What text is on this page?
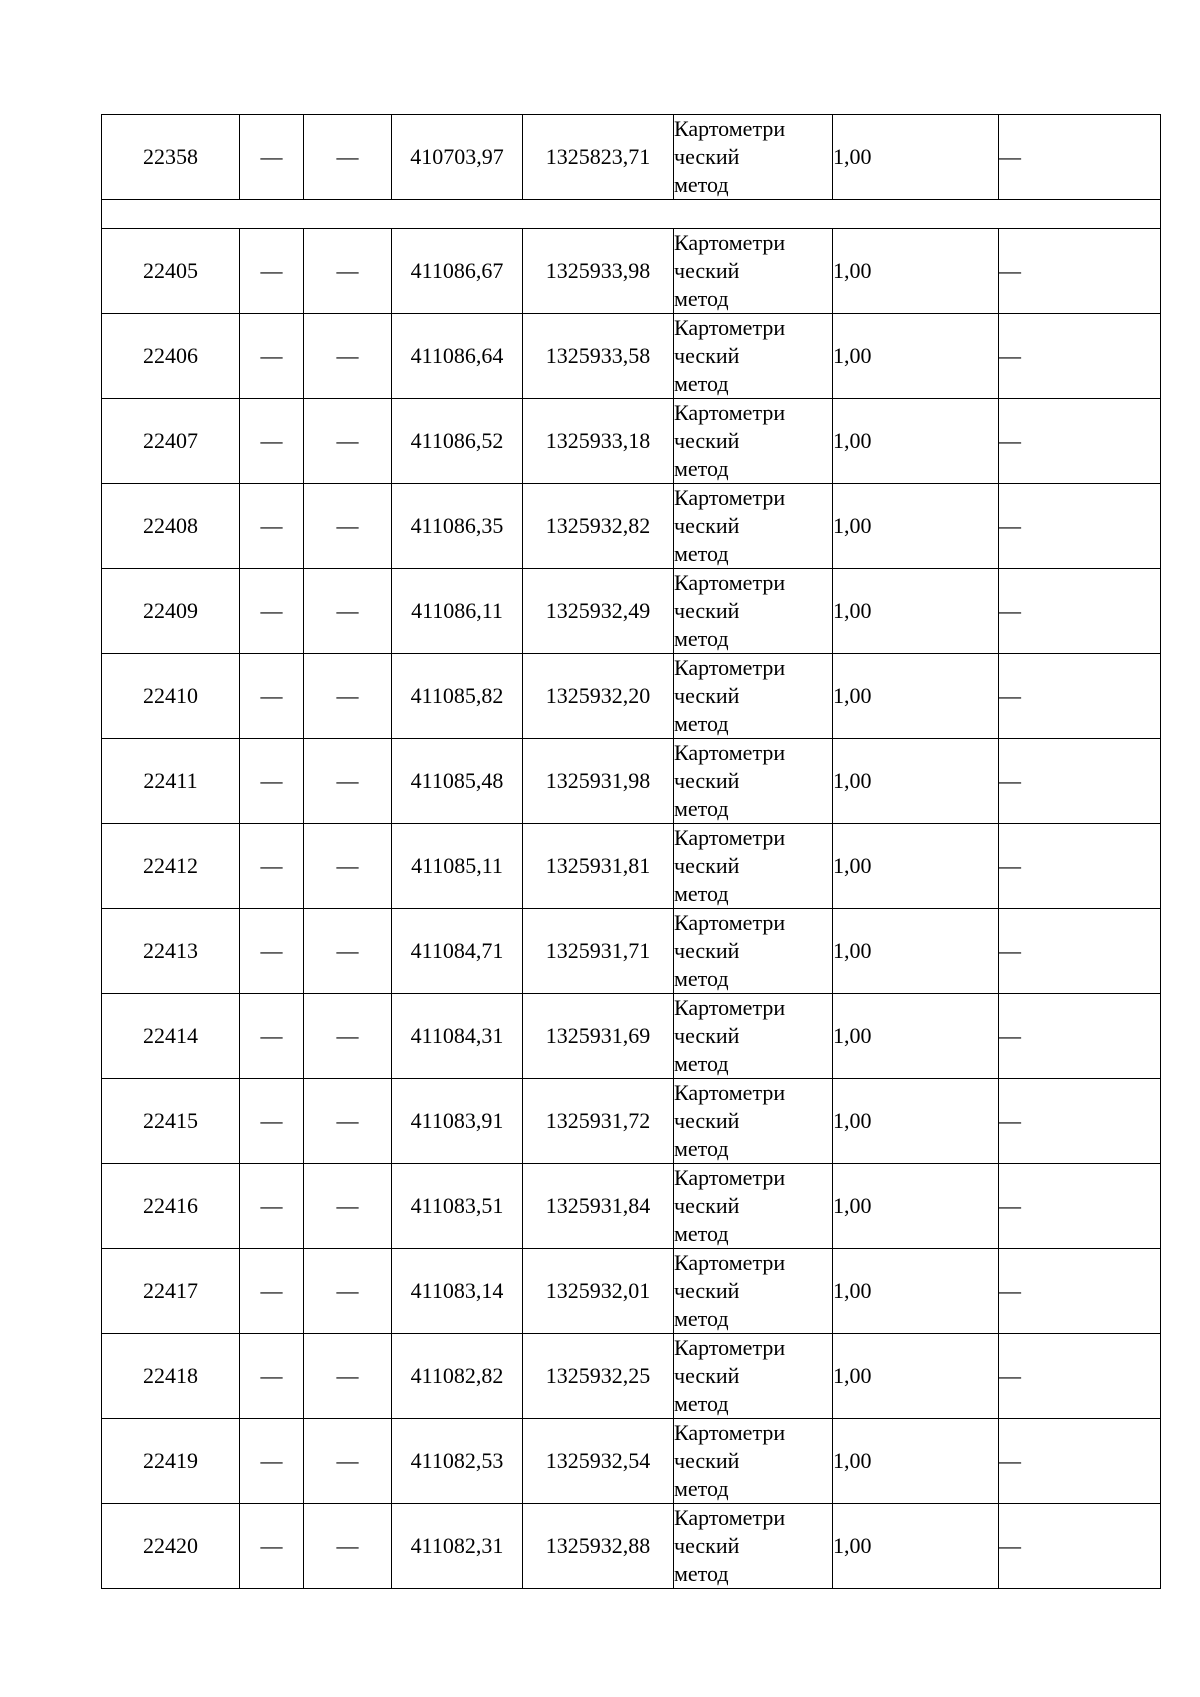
22358	—	—	410703,97	1325823,71	Картометри
ческий
метод	1,00	—

22405	—	—	411086,67	1325933,98	Картометри
ческий
метод	1,00	—
22406	—	—	411086,64	1325933,58	Картометри
ческий
метод	1,00	—
22407	—	—	411086,52	1325933,18	Картометри
ческий
метод	1,00	—
22408	—	—	411086,35	1325932,82	Картометри
ческий
метод	1,00	—
22409	—	—	411086,11	1325932,49	Картометри
ческий
метод	1,00	—
22410	—	—	411085,82	1325932,20	Картометри
ческий
метод	1,00	—
22411	—	—	411085,48	1325931,98	Картометри
ческий
метод	1,00	—
22412	—	—	411085,11	1325931,81	Картометри
ческий
метод	1,00	—
22413	—	—	411084,71	1325931,71	Картометри
ческий
метод	1,00	—
22414	—	—	411084,31	1325931,69	Картометри
ческий
метод	1,00	—
22415	—	—	411083,91	1325931,72	Картометри
ческий
метод	1,00	—
22416	—	—	411083,51	1325931,84	Картометри
ческий
метод	1,00	—
22417	—	—	411083,14	1325932,01	Картометри
ческий
метод	1,00	—
22418	—	—	411082,82	1325932,25	Картометри
ческий
метод	1,00	—
22419	—	—	411082,53	1325932,54	Картометри
ческий
метод	1,00	—
22420	—	—	411082,31	1325932,88	Картометри
ческий
метод	1,00	—
